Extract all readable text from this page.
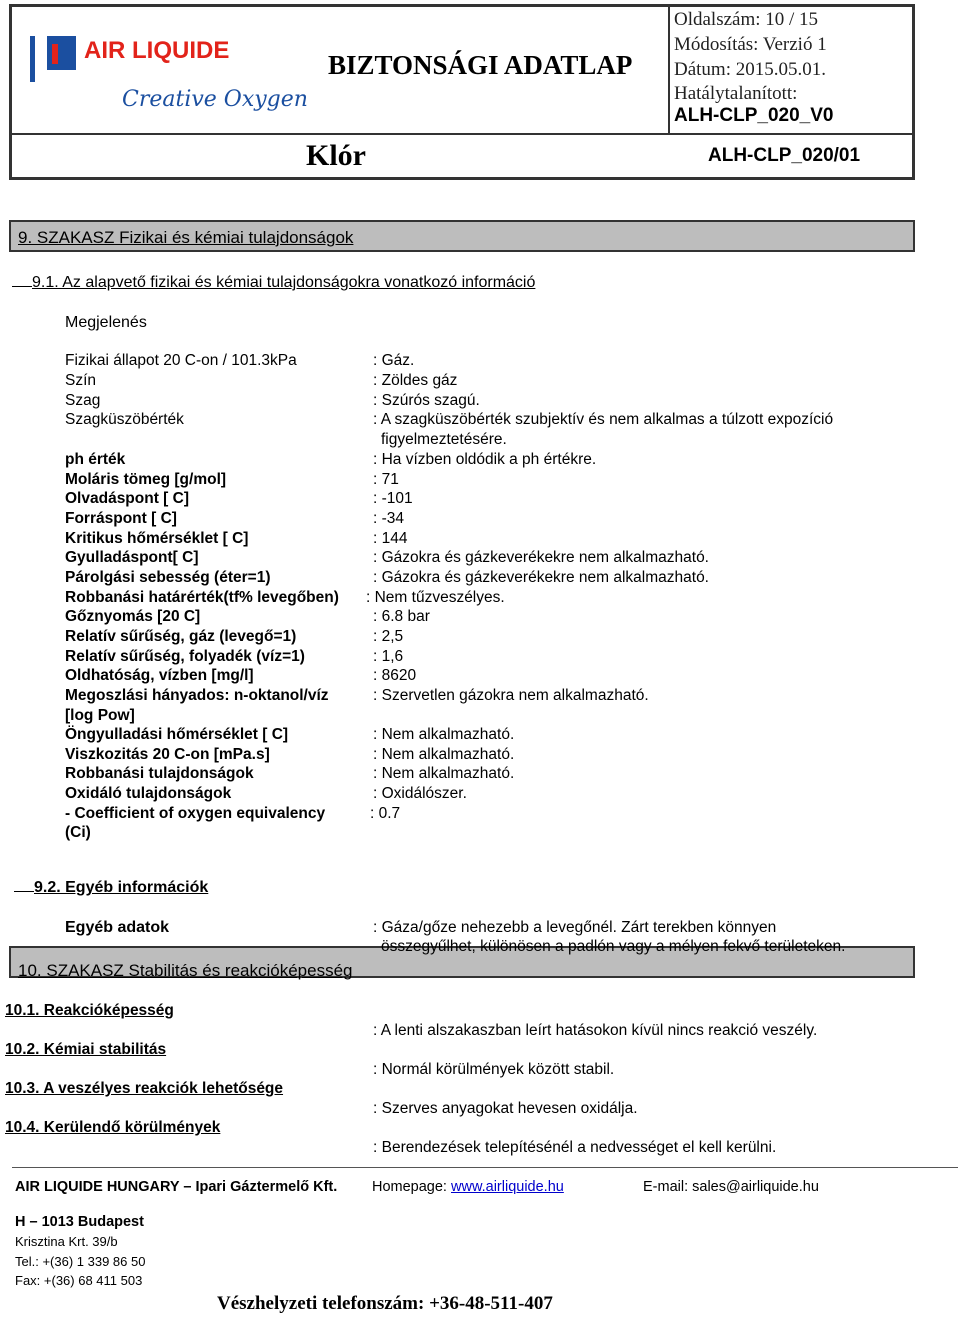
AIR LIQUIDE
Creative Oxygen
BIZTONSÁGI ADATLAP
Oldalszám: 10 / 15
Módosítás: Verzió 1
Dátum: 2015.05.01.
Hatálytalanított:
ALH-CLP_020_V0
Klór	ALH-CLP_020/01
9. SZAKASZ Fizikai és kémiai tulajdonságok
9.1. Az alapvető fizikai és kémiai tulajdonságokra vonatkozó információ
Megjelenés
Fizikai állapot 20 C-on / 101.3kPa	: Gáz.
Szín	: Zöldes gáz
Szag	: Szúrós szagú.
Szagküszöbérték	: A szagküszöbérték szubjektív és nem alkalmas a túlzott expozíció
figyelmeztetésére.
ph érték	: Ha vízben oldódik a ph értékre.
Moláris tömeg [g/mol]	: 71
Olvadáspont [ C]	: -101
Forráspont [ C]	: -34
Kritikus hőmérséklet [ C]	: 144
Gyulladáspont[ C]	: Gázokra és gázkeverékekre nem alkalmazható.
Párolgási sebesség (éter=1)	: Gázokra és gázkeverékekre nem alkalmazható.
Robbanási határérték(tf% levegőben) : Nem tűzveszélyes.
Gőznyomás [20 C]	: 6.8 bar
Relatív sűrűség, gáz (levegő=1)	: 2,5
Relatív sűrűség, folyadék (víz=1)	: 1,6
Oldhatóság, vízben [mg/l]	: 8620
Megoszlási hányados: n-oktanol/víz
[log Pow]
: Szervetlen gázokra nem alkalmazható.
Öngyulladási hőmérséklet [ C]	: Nem alkalmazható.
Viszkozitás 20 C-on [mPa.s]	: Nem alkalmazható.
Robbanási tulajdonságok	: Nem alkalmazható.
Oxidáló tulajdonságok	: Oxidálószer.
- Coefficient of oxygen equivalency
(Ci)
: 0.7
9.2. Egyéb információk
Egyéb adatok	: Gáza/gőze nehezebb a levegőnél. Zárt terekben könnyen
10. SZAKASZ Stabilitás és reakcióképesség
összegyűlhet, különösen a padlón vagy a mélyen fekvő területeken.
10.1. Reakcióképesség
: A lenti alszakaszban leírt hatásokon kívül nincs reakció veszély.
10.2. Kémiai stabilitás
: Normál körülmények között stabil.
10.3. A veszélyes reakciók lehetősége
: Szerves anyagokat hevesen oxidálja.
10.4. Kerülendő körülmények
: Berendezések telepítésénél a nedvességet el kell kerülni.
AIR LIQUIDE HUNGARY – Ipari Gáztermelő Kft. Homepage: www.airliquide.hu	E-mail: sales@airliquide.hu
H – 1013 Budapest
Krisztina Krt. 39/b
Tel.: +(36) 1 339 86 50
Fax: +(36) 68 411 503
Vészhelyzeti telefonszám: +36-48-511-407
